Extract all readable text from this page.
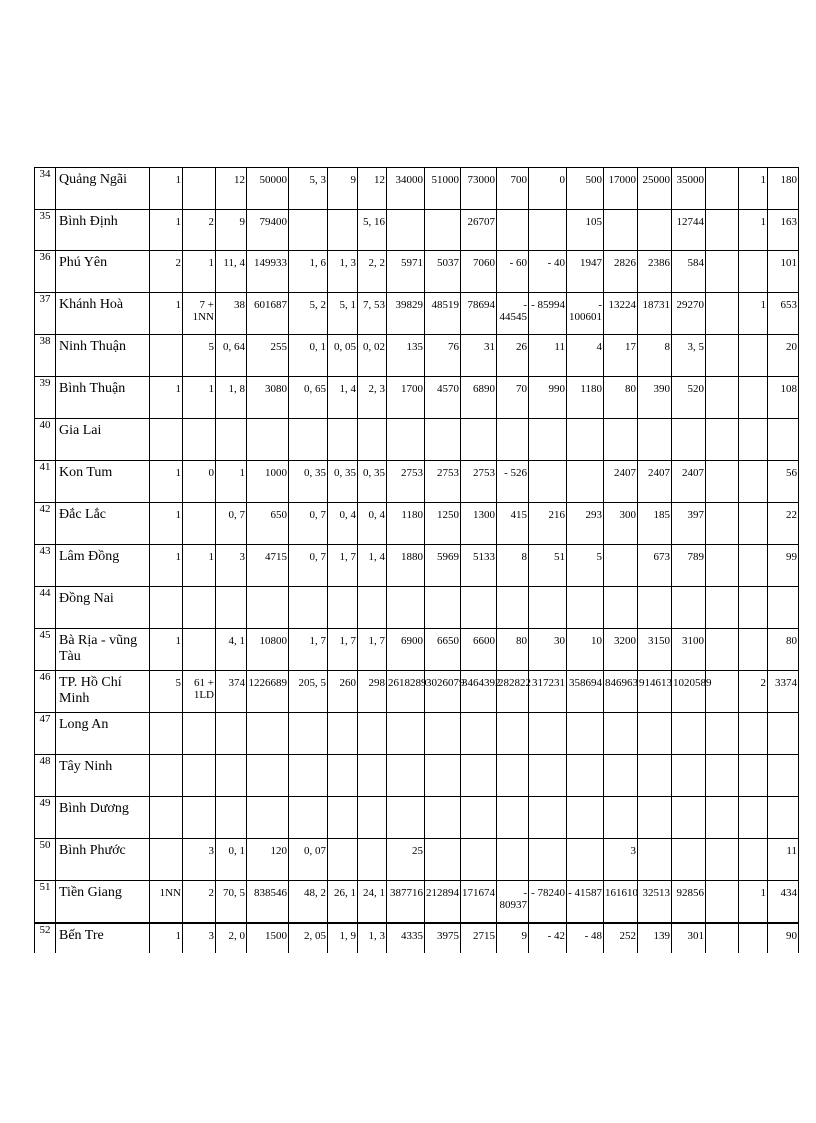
34	Quảng Ngãi	1		12	50000	5, 3	9	12	34000	51000	73000	700	0	500	17000	25000	35000		1	180
35	Bình Định	1	2	9	79400			5, 16			26707			105			12744		1	163
36	Phú Yên	2	1	11, 4	149933	1, 6	1, 3	2, 2	5971	5037	7060	- 60	- 40	1947	2826	2386	584			101
37	Khánh Hoà	1	7 + 1NN	38	601687	5, 2	5, 1	7, 53	39829	48519	78694	- 44545	- 85994	-
100601	13224	18731	29270		1	653
38	Ninh Thuận		5	0, 64	255	0, 1	0, 05	0, 02	135	76	31	26	11	4	17	8	3, 5			20
39	Bình Thuận	1	1	1, 8	3080	0, 65	1, 4	2, 3	1700	4570	6890	70	990	1180	80	390	520			108
40	Gia Lai																			
41	Kon Tum	1	0	1	1000	0, 35	0, 35	0, 35	2753	2753	2753	- 526			2407	2407	2407			56
42	Đắc Lắc	1		0, 7	650	0, 7	0, 4	0, 4	1180	1250	1300	415	216	293	300	185	397			22
43	Lâm Đồng	1	1	3	4715	0, 7	1, 7	1, 4	1880	5969	5133	8	51	5		673	789			99
44	Đồng Nai																			
45	Bà Rịa - vũng Tàu	1		4, 1	10800	1, 7	1, 7	1, 7	6900	6650	6600	80	30	10	3200	3150	3100			80
46	TP. Hồ Chí Minh	5	61 +
1LD	374	1226689	205, 5	260	298	2618289	3026079	3464392	282822	317231	358694	846963	914613	1020589		2	3374
47	Long An																			
48	Tây Ninh																			
49	Bình Dương																			
50	Bình Phước		3	0, 1	120	0, 07			25						3					11
51	Tiền Giang	1NN	2	70, 5	838546	48, 2	26, 1	24, 1	387716	212894	171674	- 80937	- 78240	- 41587	161610	32513	92856		1	434
52	Bến Tre	1	3	2, 0	1500	2, 05	1, 9	1, 3	4335	3975	2715	9	- 42	- 48	252	139	301			90
